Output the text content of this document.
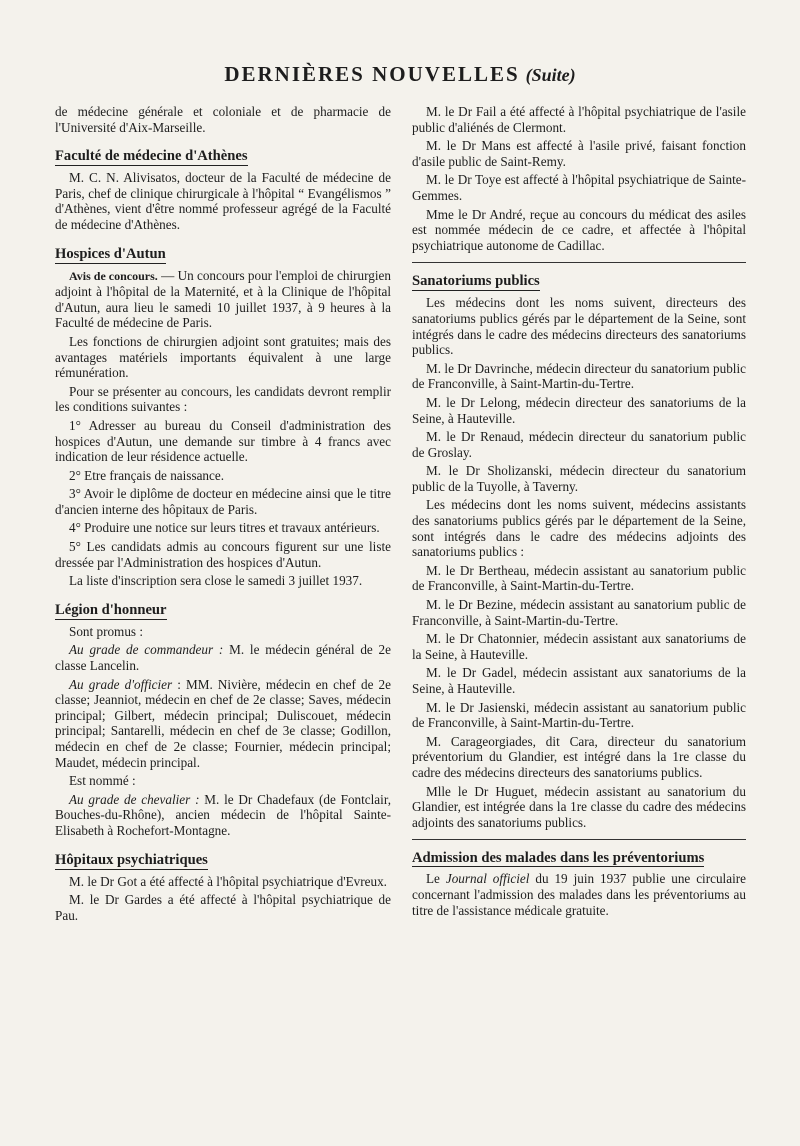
DERNIÈRES NOUVELLES (Suite)

de médecine générale et coloniale et de pharmacie de l'Université d'Aix-Marseille.

Faculté de médecine d'Athènes

M. C. N. Alivisatos, docteur de la Faculté de médecine de Paris, chef de clinique chirurgicale à l'hôpital “ Evangélismos ” d'Athènes, vient d'être nommé professeur agrégé de la Faculté de médecine d'Athènes.

Hospices d'Autun

Avis de concours. — Un concours pour l'emploi de chirurgien adjoint à l'hôpital de la Maternité, et à la Clinique de l'hôpital d'Autun, aura lieu le samedi 10 juillet 1937, à 9 heures à la Faculté de médecine de Paris.

Les fonctions de chirurgien adjoint sont gratuites; mais des avantages matériels importants équivalent à une large rémunération.

Pour se présenter au concours, les candidats devront remplir les conditions suivantes :

1° Adresser au bureau du Conseil d'administration des hospices d'Autun, une demande sur timbre à 4 francs avec indication de leur résidence actuelle.

2° Etre français de naissance.

3° Avoir le diplôme de docteur en médecine ainsi que le titre d'ancien interne des hôpitaux de Paris.

4° Produire une notice sur leurs titres et travaux antérieurs.

5° Les candidats admis au concours figurent sur une liste dressée par l'Administration des hospices d'Autun.

La liste d'inscription sera close le samedi 3 juillet 1937.

Légion d'honneur

Sont promus :

Au grade de commandeur : M. le médecin général de 2e classe Lancelin.

Au grade d'officier : MM. Nivière, médecin en chef de 2e classe; Jeanniot, médecin en chef de 2e classe; Saves, médecin principal; Gilbert, médecin principal; Duliscouet, médecin principal; Santarelli, médecin en chef de 3e classe; Godillon, médecin en chef de 2e classe; Fournier, médecin principal; Maudet, médecin principal.

Est nommé :

Au grade de chevalier : M. le Dr Chadefaux (de Fontclair, Bouches-du-Rhône), ancien médecin de l'hôpital Sainte-Elisabeth à Rochefort-Montagne.

Hôpitaux psychiatriques

M. le Dr Got a été affecté à l'hôpital psychiatrique d'Evreux.

M. le Dr Gardes a été affecté à l'hôpital psychiatrique de Pau.

M. le Dr Fail a été affecté à l'hôpital psychiatrique de l'asile public d'aliénés de Clermont.

M. le Dr Mans est affecté à l'asile privé, faisant fonction d'asile public de Saint-Remy.

M. le Dr Toye est affecté à l'hôpital psychiatrique de Sainte-Gemmes.

Mme le Dr André, reçue au concours du médicat des asiles est nommée médecin de ce cadre, et affectée à l'hôpital psychiatrique autonome de Cadillac.

Sanatoriums publics

Les médecins dont les noms suivent, directeurs des sanatoriums publics gérés par le département de la Seine, sont intégrés dans le cadre des médecins directeurs des sanatoriums publics.

M. le Dr Davrinche, médecin directeur du sanatorium public de Franconville, à Saint-Martin-du-Tertre.

M. le Dr Lelong, médecin directeur des sanatoriums de la Seine, à Hauteville.

M. le Dr Renaud, médecin directeur du sanatorium public de Groslay.

M. le Dr Sholizanski, médecin directeur du sanatorium public de la Tuyolle, à Taverny.

Les médecins dont les noms suivent, médecins assistants des sanatoriums publics gérés par le département de la Seine, sont intégrés dans le cadre des médecins adjoints des sanatoriums publics :

M. le Dr Bertheau, médecin assistant au sanatorium public de Franconville, à Saint-Martin-du-Tertre.

M. le Dr Bezine, médecin assistant au sanatorium public de Franconville, à Saint-Martin-du-Tertre.

M. le Dr Chatonnier, médecin assistant aux sanatoriums de la Seine, à Hauteville.

M. le Dr Gadel, médecin assistant aux sanatoriums de la Seine, à Hauteville.

M. le Dr Jasienski, médecin assistant au sanatorium public de Franconville, à Saint-Martin-du-Tertre.

M. Carageorgiades, dit Cara, directeur du sanatorium préventorium du Glandier, est intégré dans la 1re classe du cadre des médecins directeurs des sanatoriums publics.

Mlle le Dr Huguet, médecin assistant au sanatorium du Glandier, est intégrée dans la 1re classe du cadre des médecins adjoints des sanatoriums publics.

Admission des malades dans les préventoriums

Le Journal officiel du 19 juin 1937 publie une circulaire concernant l'admission des malades dans les préventoriums au titre de l'assistance médicale gratuite.
